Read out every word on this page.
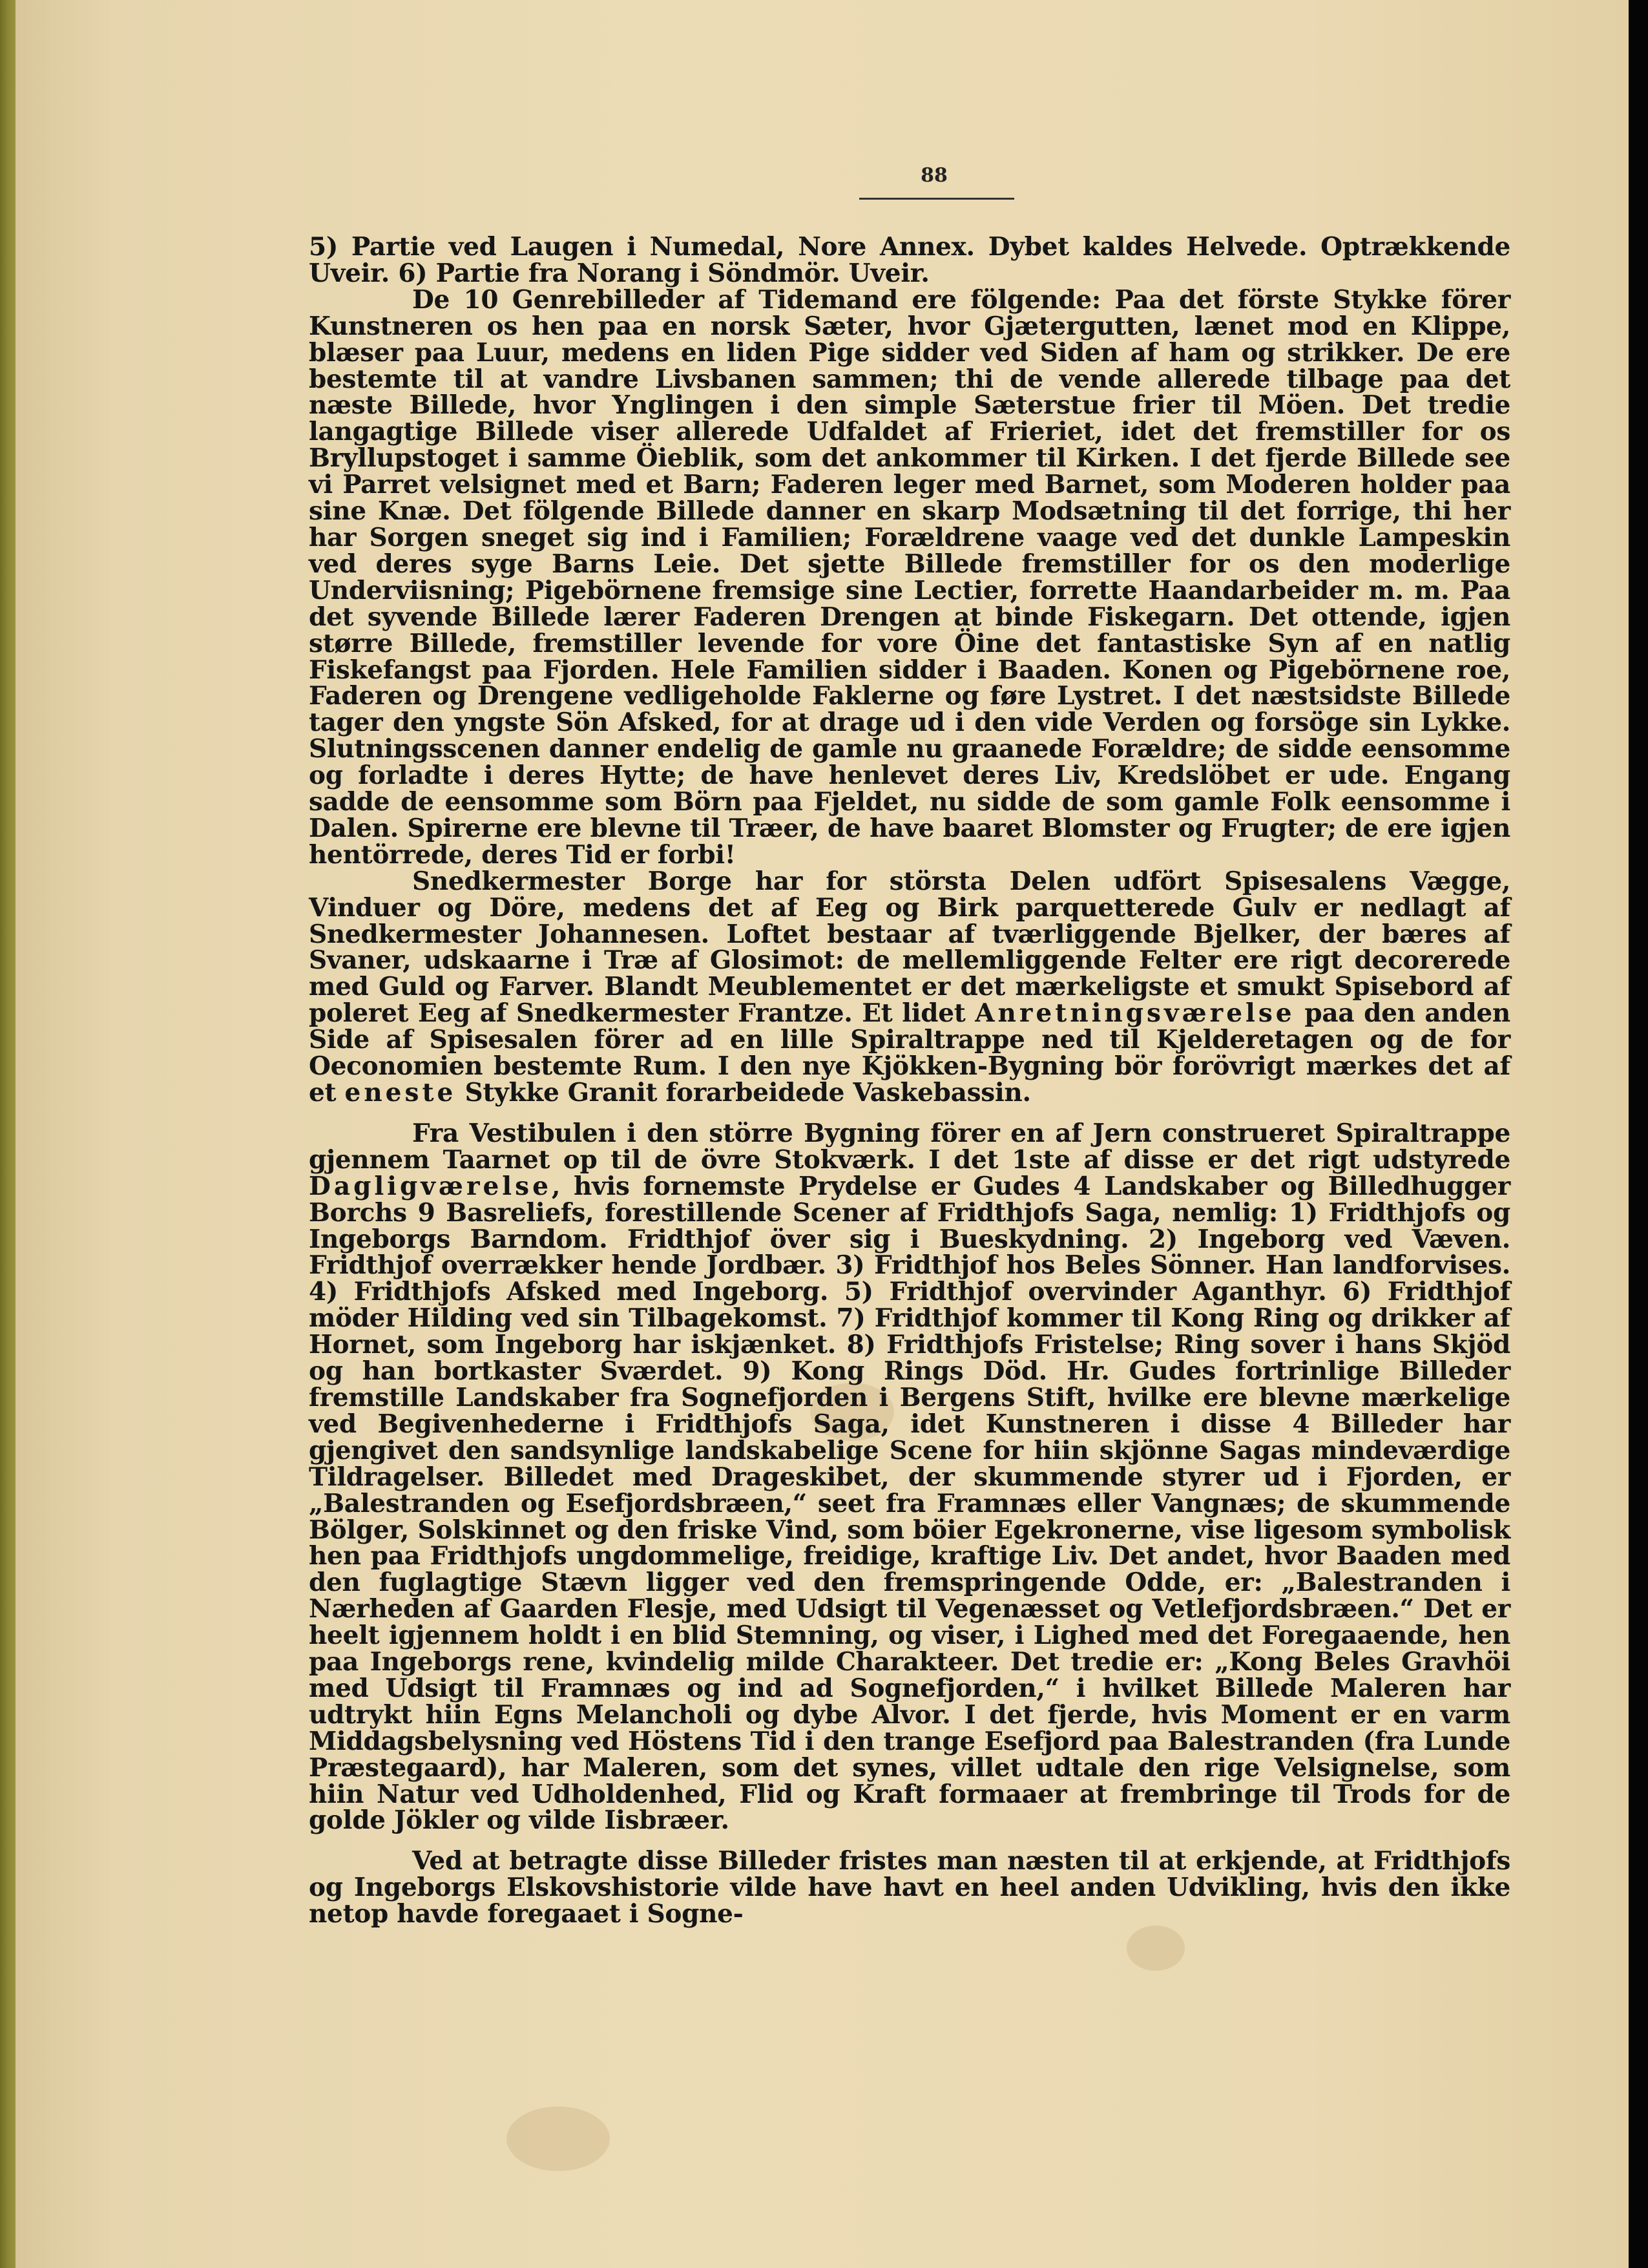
88

5) Partie ved Laugen i Numedal, Nore Annex. Dybet kaldes Helvede. Optrækkende Uveir. 6) Partie fra Norang i Söndmör. Uveir.

De 10 Genrebilleder af Tidemand ere fölgende: Paa det förste Stykke förer Kunstneren os hen paa en norsk Sæter, hvor Gjætergutten, lænet mod en Klippe, blæser paa Luur, medens en liden Pige sidder ved Siden af ham og strikker. De ere bestemte til at vandre Livsbanen sammen; thi de vende allerede tilbage paa det næste Billede, hvor Ynglingen i den simple Sæterstue frier til Möen. Det tredie langagtige Billede viser allerede Udfaldet af Frieriet, idet det fremstiller for os Bryllupstoget i samme Öieblik, som det ankommer til Kirken. I det fjerde Billede see vi Parret velsignet med et Barn; Faderen leger med Barnet, som Moderen holder paa sine Knæ. Det fölgende Billede danner en skarp Modsætning til det forrige, thi her har Sorgen sneget sig ind i Familien; Forældrene vaage ved det dunkle Lampeskin ved deres syge Barns Leie. Det sjette Billede fremstiller for os den moderlige Underviisning; Pigebörnene fremsige sine Lectier, forrette Haandarbeider m. m. Paa det syvende Billede lærer Faderen Drengen at binde Fiskegarn. Det ottende, igjen større Billede, fremstiller levende for vore Öine det fantastiske Syn af en natlig Fiskefangst paa Fjorden. Hele Familien sidder i Baaden. Konen og Pigebörnene roe, Faderen og Drengene vedligeholde Faklerne og føre Lystret. I det næstsidste Billede tager den yngste Sön Afsked, for at drage ud i den vide Verden og forsöge sin Lykke. Slutningsscenen danner endelig de gamle nu graanede Forældre; de sidde eensomme og forladte i deres Hytte; de have henlevet deres Liv, Kredslöbet er ude. Engang sadde de eensomme som Börn paa Fjeldet, nu sidde de som gamle Folk eensomme i Dalen. Spirerne ere blevne til Træer, de have baaret Blomster og Frugter; de ere igjen hentörrede, deres Tid er forbi!

Snedkermester Borge har for största Delen udfört Spisesalens Vægge, Vinduer og Döre, medens det af Eeg og Birk parquetterede Gulv er nedlagt af Snedkermester Johannesen. Loftet bestaar af tværliggende Bjelker, der bæres af Svaner, udskaarne i Træ af Glosimot: de mellemliggende Felter ere rigt decorerede med Guld og Farver. Blandt Meublementet er det mærkeligste et smukt Spisebord af poleret Eeg af Snedkermester Frantze. Et lidet Anretningsværelse paa den anden Side af Spisesalen förer ad en lille Spiraltrappe ned til Kjelderetagen og de for Oeconomien bestemte Rum. I den nye Kjökken-Bygning bör forövrigt mærkes det af et eneste Stykke Granit forarbeidede Vaskebassin.

Fra Vestibulen i den större Bygning förer en af Jern construeret Spiraltrappe gjennem Taarnet op til de övre Stokværk. I det 1ste af disse er det rigt udstyrede Dagligværelse, hvis fornemste Prydelse er Gudes 4 Landskaber og Billedhugger Borchs 9 Basreliefs, forestillende Scener af Fridthjofs Saga, nemlig: 1) Fridthjofs og Ingeborgs Barndom. Fridthjof över sig i Bueskydning. 2) Ingeborg ved Væven. Fridthjof overrækker hende Jordbær. 3) Fridthjof hos Beles Sönner. Han landforvises. 4) Fridthjofs Afsked med Ingeborg. 5) Fridthjof overvinder Aganthyr. 6) Fridthjof möder Hilding ved sin Tilbagekomst. 7) Fridthjof kommer til Kong Ring og drikker af Hornet, som Ingeborg har iskjænket. 8) Fridthjofs Fristelse; Ring sover i hans Skjöd og han bortkaster Sværdet. 9) Kong Rings Död. Hr. Gudes fortrinlige Billeder fremstille Landskaber fra Sognefjorden i Bergens Stift, hvilke ere blevne mærkelige ved Begivenhederne i Fridthjofs Saga, idet Kunstneren i disse 4 Billeder har gjengivet den sandsynlige landskabelige Scene for hiin skjönne Sagas mindeværdige Tildragelser. Billedet med Drageskibet, der skummende styrer ud i Fjorden, er „Balestranden og Esefjordsbræen,“ seet fra Framnæs eller Vangnæs; de skummende Bölger, Solskinnet og den friske Vind, som böier Egekronerne, vise ligesom symbolisk hen paa Fridthjofs ungdommelige, freidige, kraftige Liv. Det andet, hvor Baaden med den fuglagtige Stævn ligger ved den fremspringende Odde, er: „Balestranden i Nærheden af Gaarden Flesje, med Udsigt til Vegenæsset og Vetlefjordsbræen.“ Det er heelt igjennem holdt i en blid Stemning, og viser, i Lighed med det Foregaaende, hen paa Ingeborgs rene, kvindelig milde Charakteer. Det tredie er: „Kong Beles Gravhöi med Udsigt til Framnæs og ind ad Sognefjorden,“ i hvilket Billede Maleren har udtrykt hiin Egns Melancholi og dybe Alvor. I det fjerde, hvis Moment er en varm Middagsbelysning ved Höstens Tid i den trange Esefjord paa Balestranden (fra Lunde Præstegaard), har Maleren, som det synes, villet udtale den rige Velsignelse, som hiin Natur ved Udholdenhed, Flid og Kraft formaaer at frembringe til Trods for de golde Jökler og vilde Iisbræer.

Ved at betragte disse Billeder fristes man næsten til at erkjende, at Fridthjofs og Ingeborgs Elskovshistorie vilde have havt en heel anden Udvikling, hvis den ikke netop havde foregaaet i Sogne-
